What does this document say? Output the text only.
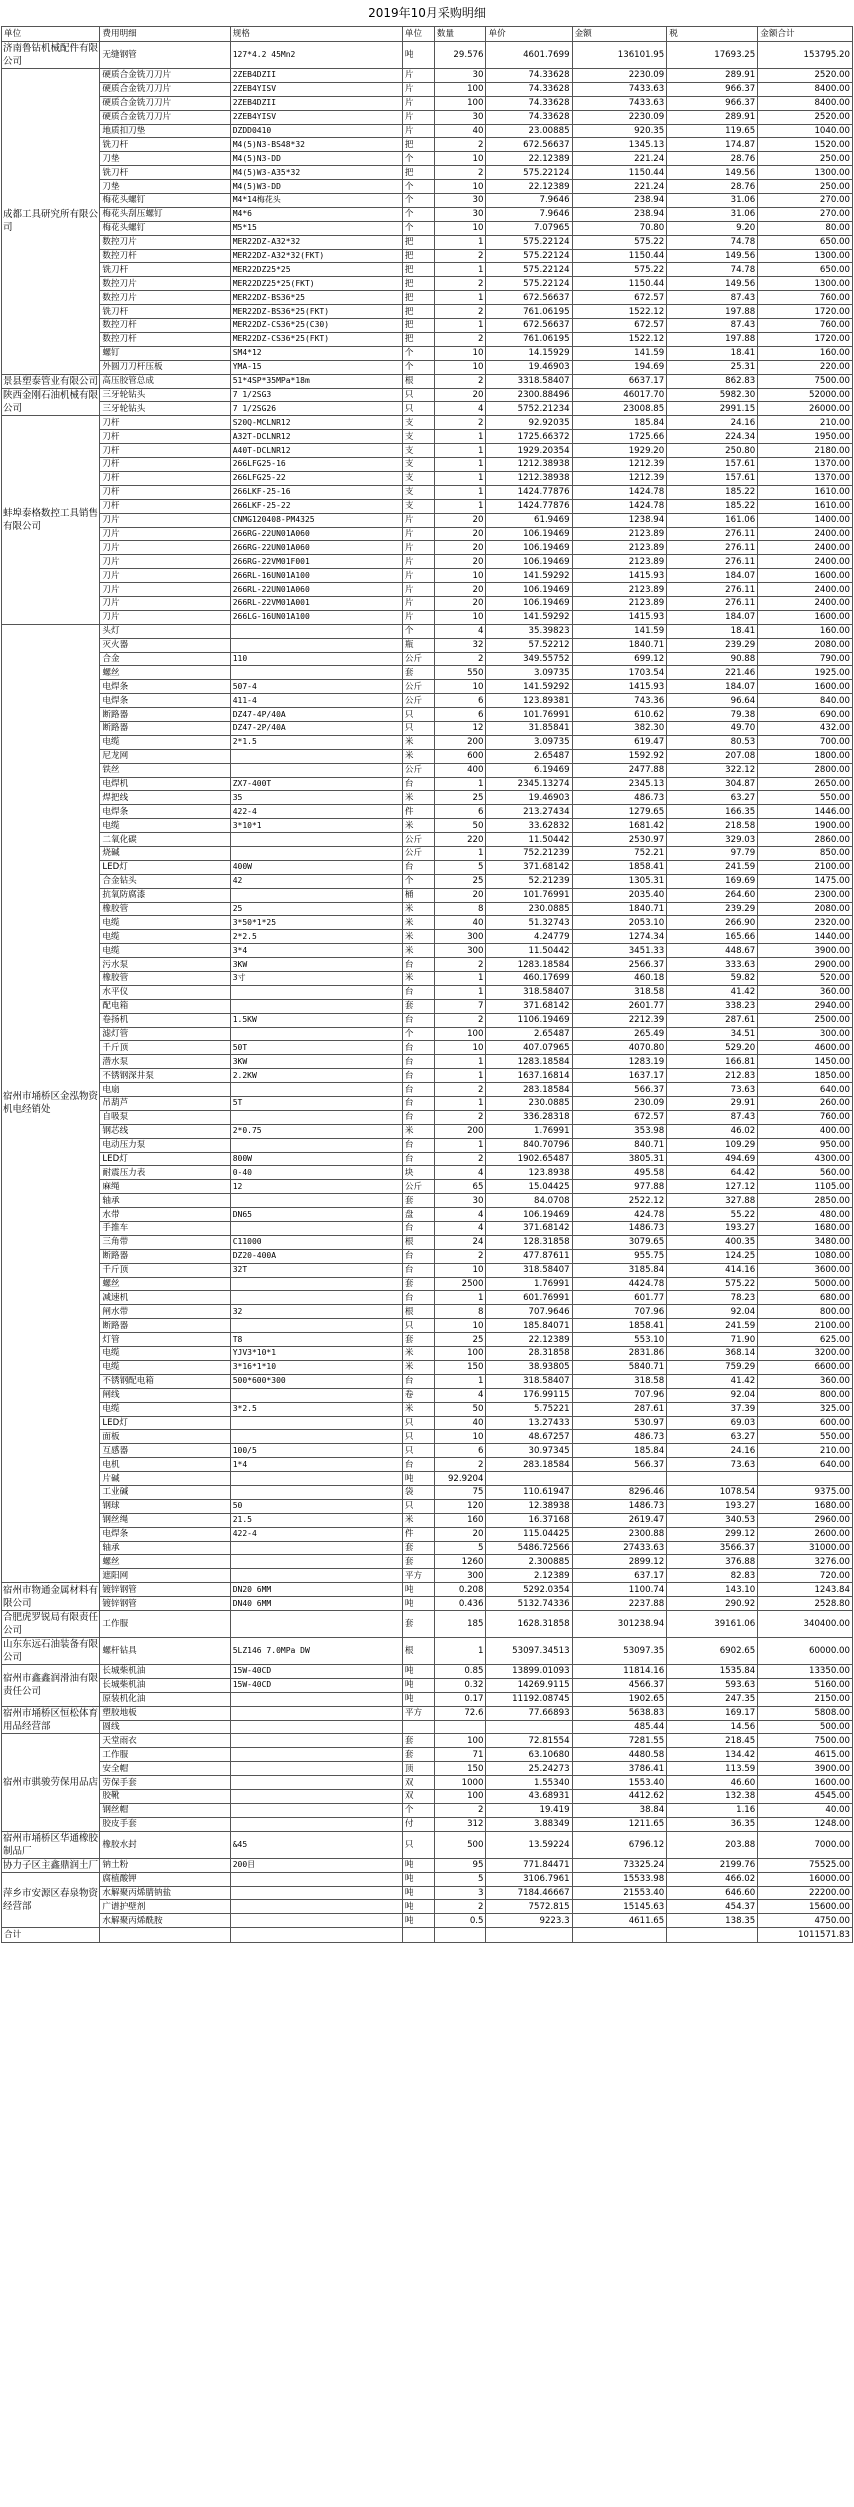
2019年10月采购明细
单位	费用明细	规格	单位	数量	单价	金额	税	金额合计
济南鲁钻机械配件有限公司	无缝钢管	127*4.2 45Mn2	吨	29.576	4601.7699	136101.95	17693.25	153795.20
成都工具研究所有限公司	硬质合金铣刀刀片	2ZEB4DZII	片	30	74.33628	2230.09	289.91	2520.00
	硬质合金铣刀刀片	2ZEB4YISV	片	100	74.33628	7433.63	966.37	8400.00
	硬质合金铣刀刀片	2ZEB4DZII	片	100	74.33628	7433.63	966.37	8400.00
	硬质合金铣刀刀片	2ZEB4YISV	片	30	74.33628	2230.09	289.91	2520.00
	地质扣刀垫	DZDD0410	片	40	23.00885	920.35	119.65	1040.00
	铣刀杆	M4(5)N3-BS48*32	把	2	672.56637	1345.13	174.87	1520.00
	刀垫	M4(5)N3-DD	个	10	22.12389	221.24	28.76	250.00
	铣刀杆	M4(5)W3-A35*32	把	2	575.22124	1150.44	149.56	1300.00
	刀垫	M4(5)W3-DD	个	10	22.12389	221.24	28.76	250.00
	梅花头螺钉	M4*14梅花头	个	30	7.9646	238.94	31.06	270.00
	梅花头刮压螺钉	M4*6	个	30	7.9646	238.94	31.06	270.00
	梅花头螺钉	M5*15	个	10	7.07965	70.80	9.20	80.00
	数控刀片	MER22DZ-A32*32	把	1	575.22124	575.22	74.78	650.00
	数控刀杆	MER22DZ-A32*32(FKT)	把	2	575.22124	1150.44	149.56	1300.00
	铣刀杆	MER22DZ25*25	把	1	575.22124	575.22	74.78	650.00
	数控刀片	MER22DZ25*25(FKT)	把	2	575.22124	1150.44	149.56	1300.00
	数控刀片	MER22DZ-BS36*25	把	1	672.56637	672.57	87.43	760.00
	铣刀杆	MER22DZ-BS36*25(FKT)	把	2	761.06195	1522.12	197.88	1720.00
	数控刀杆	MER22DZ-CS36*25(C30)	把	1	672.56637	672.57	87.43	760.00
	数控刀杆	MER22DZ-CS36*25(FKT)	把	2	761.06195	1522.12	197.88	1720.00
	螺钉	SM4*12	个	10	14.15929	141.59	18.41	160.00
	外圆刀刀杆压板	YMA-15	个	10	19.46903	194.69	25.31	220.00
景县塑泰管业有限公司	高压胶管总成	51*4SP*35MPa*18m	根	2	3318.58407	6637.17	862.83	7500.00
陕西金刚石油机械有限公司	三牙轮钻头	7 1/2SG3	只	20	2300.88496	46017.70	5982.30	52000.00
	三牙轮钻头	7 1/2SG26	只	4	5752.21234	23008.85	2991.15	26000.00
蚌埠泰格数控工具销售有限公司	刀杆	S20Q-MCLNR12	支	2	92.92035	185.84	24.16	210.00
	刀杆	A32T-DCLNR12	支	1	1725.66372	1725.66	224.34	1950.00
	刀杆	A40T-DCLNR12	支	1	1929.20354	1929.20	250.80	2180.00
	刀杆	266LFG25-16	支	1	1212.38938	1212.39	157.61	1370.00
	刀杆	266LFG25-22	支	1	1212.38938	1212.39	157.61	1370.00
	刀杆	266LKF-25-16	支	1	1424.77876	1424.78	185.22	1610.00
	刀杆	266LKF-25-22	支	1	1424.77876	1424.78	185.22	1610.00
	刀片	CNMG120408-PM4325	片	20	61.9469	1238.94	161.06	1400.00
	刀片	266RG-22UN01A060	片	20	106.19469	2123.89	276.11	2400.00
	刀片	266RG-22UN01A060	片	20	106.19469	2123.89	276.11	2400.00
	刀片	266RG-22VM01F001	片	20	106.19469	2123.89	276.11	2400.00
	刀片	266RL-16UN01A100	片	10	141.59292	1415.93	184.07	1600.00
	刀片	266RL-22UN01A060	片	20	106.19469	2123.89	276.11	2400.00
	刀片	266RL-22VM01A001	片	20	106.19469	2123.89	276.11	2400.00
	刀片	266LG-16UN01A100	片	10	141.59292	1415.93	184.07	1600.00
宿州市埇桥区金泓物资机电经销处	头灯		个	4	35.39823	141.59	18.41	160.00
	灭火器		瓶	32	57.52212	1840.71	239.29	2080.00
	合金	110	公斤	2	349.55752	699.12	90.88	790.00
	螺丝		套	550	3.09735	1703.54	221.46	1925.00
	电焊条	507-4	公斤	10	141.59292	1415.93	184.07	1600.00
	电焊条	411-4	公斤	6	123.89381	743.36	96.64	840.00
	断路器	DZ47-4P/40A	只	6	101.76991	610.62	79.38	690.00
	断路器	DZ47-2P/40A	只	12	31.85841	382.30	49.70	432.00
	电缆	2*1.5	米	200	3.09735	619.47	80.53	700.00
	尼龙网		米	600	2.65487	1592.92	207.08	1800.00
	铁丝		公斤	400	6.19469	2477.88	322.12	2800.00
	电焊机	ZX7-400T	台	1	2345.13274	2345.13	304.87	2650.00
	焊把线	35	米	25	19.46903	486.73	63.27	550.00
	电焊条	422-4	件	6	213.27434	1279.65	166.35	1446.00
	电缆	3*10*1	米	50	33.62832	1681.42	218.58	1900.00
	二氧化碳		公斤	220	11.50442	2530.97	329.03	2860.00
	烧碱		公斤	1	752.21239	752.21	97.79	850.00
	LED灯	400W	台	5	371.68142	1858.41	241.59	2100.00
	合金钻头	42	个	25	52.21239	1305.31	169.69	1475.00
	抗氧防腐漆		桶	20	101.76991	2035.40	264.60	2300.00
	橡胶管	25	米	8	230.0885	1840.71	239.29	2080.00
	电缆	3*50*1*25	米	40	51.32743	2053.10	266.90	2320.00
	电缆	2*2.5	米	300	4.24779	1274.34	165.66	1440.00
	电缆	3*4	米	300	11.50442	3451.33	448.67	3900.00
	污水泵	3KW	台	2	1283.18584	2566.37	333.63	2900.00
	橡胶管	3寸	米	1	460.17699	460.18	59.82	520.00
	水平仪		台	1	318.58407	318.58	41.42	360.00
	配电箱		套	7	371.68142	2601.77	338.23	2940.00
	卷扬机	1.5KW	台	2	1106.19469	2212.39	287.61	2500.00
	滤灯管		个	100	2.65487	265.49	34.51	300.00
	千斤顶	50T	台	10	407.07965	4070.80	529.20	4600.00
	潜水泵	3KW	台	1	1283.18584	1283.19	166.81	1450.00
	不锈钢深井泵	2.2KW	台	1	1637.16814	1637.17	212.83	1850.00
	电扇		台	2	283.18584	566.37	73.63	640.00
	吊葫芦	5T	台	1	230.0885	230.09	29.91	260.00
	自吸泵		台	2	336.28318	672.57	87.43	760.00
	钢芯线	2*0.75	米	200	1.76991	353.98	46.02	400.00
	电动压力泵		台	1	840.70796	840.71	109.29	950.00
	LED灯	800W	台	2	1902.65487	3805.31	494.69	4300.00
	耐震压力表	0-40	块	4	123.8938	495.58	64.42	560.00
	麻绳	12	公斤	65	15.04425	977.88	127.12	1105.00
	轴承		套	30	84.0708	2522.12	327.88	2850.00
	水带	DN65	盘	4	106.19469	424.78	55.22	480.00
	手推车		台	4	371.68142	1486.73	193.27	1680.00
	三角带	C11000	根	24	128.31858	3079.65	400.35	3480.00
	断路器	DZ20-400A	台	2	477.87611	955.75	124.25	1080.00
	千斤顶	32T	台	10	318.58407	3185.84	414.16	3600.00
	螺丝		套	2500	1.76991	4424.78	575.22	5000.00
	减速机		台	1	601.76991	601.77	78.23	680.00
	闸水带	32	根	8	707.9646	707.96	92.04	800.00
	断路器		只	10	185.84071	1858.41	241.59	2100.00
	灯管	T8	套	25	22.12389	553.10	71.90	625.00
	电缆	YJV3*10*1	米	100	28.31858	2831.86	368.14	3200.00
	电缆	3*16*1*10	米	150	38.93805	5840.71	759.29	6600.00
	不锈钢配电箱	500*600*300	台	1	318.58407	318.58	41.42	360.00
	闸线		卷	4	176.99115	707.96	92.04	800.00
	电缆	3*2.5	米	50	5.75221	287.61	37.39	325.00
	LED灯		只	40	13.27433	530.97	69.03	600.00
	面板		只	10	48.67257	486.73	63.27	550.00
	互感器	100/5	只	6	30.97345	185.84	24.16	210.00
	电机	1*4	台	2	283.18584	566.37	73.63	640.00
	片碱		吨	92.9204				
	工业碱		袋	75	110.61947	8296.46	1078.54	9375.00
	钢球	50	只	120	12.38938	1486.73	193.27	1680.00
	钢丝绳	21.5	米	160	16.37168	2619.47	340.53	2960.00
	电焊条	422-4	件	20	115.04425	2300.88	299.12	2600.00
	轴承		套	5	5486.72566	27433.63	3566.37	31000.00
	螺丝		套	1260	2.300885	2899.12	376.88	3276.00
	遮阳网		平方	300	2.12389	637.17	82.83	720.00
宿州市物通金属材料有限公司	镀锌钢管	DN20 6MM	吨	0.208	5292.0354	1100.74	143.10	1243.84
	镀锌钢管	DN40 6MM	吨	0.436	5132.74336	2237.88	290.92	2528.80
合肥虎罗锐局有限责任公司	工作服		套	185	1628.31858	301238.94	39161.06	340400.00
山东东远石油装备有限公司	螺杆钻具	5LZ146 7.0MPa DW	根	1	53097.34513	53097.35	6902.65	60000.00
宿州市鑫鑫润滑油有限责任公司	长城柴机油	15W-40CD	吨	0.85	13899.01093	11814.16	1535.84	13350.00
	长城柴机油	15W-40CD	吨	0.32	14269.9115	4566.37	593.63	5160.00
	原装机化油		吨	0.17	11192.08745	1902.65	247.35	2150.00
宿州市埇桥区恒松体育用品经营部	塑胶地板		平方	72.6	77.66893	5638.83	169.17	5808.00
	圆线					485.44	14.56	500.00
宿州市骐骏劳保用品店	天堂雨衣		套	100	72.81554	7281.55	218.45	7500.00
	工作服		套	71	63.10680	4480.58	134.42	4615.00
	安全帽		顶	150	25.24273	3786.41	113.59	3900.00
	劳保手套		双	1000	1.55340	1553.40	46.60	1600.00
	胶靴		双	100	43.68931	4412.62	132.38	4545.00
	钢丝帽		个	2	19.419	38.84	1.16	40.00
	胶皮手套		付	312	3.88349	1211.65	36.35	1248.00
宿州市埇桥区华通橡胶制品厂	橡胶水封	&45	只	500	13.59224	6796.12	203.88	7000.00
协力子区主鑫鼎润土厂	钠土粉	200目	吨	95	771.84471	73325.24	2199.76	75525.00
萍乡市安源区春泉物资经营部	腐植酸钾		吨	5	3106.7961	15533.98	466.02	16000.00
	水解聚丙烯腈钠盐		吨	3	7184.46667	21553.40	646.60	22200.00
	广谱护壁剂		吨	2	7572.815	15145.63	454.37	15600.00
	水解聚丙烯酰胺		吨	0.5	9223.3	4611.65	138.35	4750.00
合计								1011571.83
